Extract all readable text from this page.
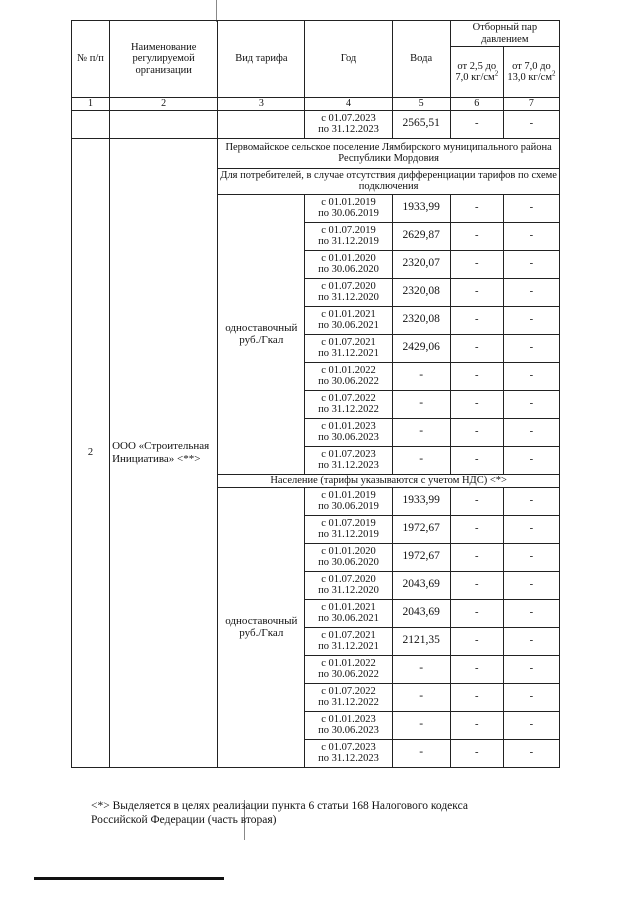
№ п/п	Наименование регулируемой организации	Вид тарифа	Год	Вода	Отборный пар давлением	
					от 2,5 до 7,0 $кг/см^2$	от 7,0 до 13,0 $кг/см^2$
1	2	3	4	5	6	7

			с 01.07.2023
по 31.12.2023	2565,51	-	-
2	ООО «Строительная Инициатива» <**>	Первомайское сельское поселение Лямбирского муниципального района Республики Мордовия				
		Для потребителей, в случае отсутствия дифференциации тарифов по схеме подключения				
		одноставочный руб./Гкал	с 01.01.2019
по 30.06.2019	1933,99	-	-

			с 01.07.2019
по 31.12.2019	2629,87	-	-

			с 01.01.2020
по 30.06.2020	2320,07	-	-

			с 01.07.2020
по 31.12.2020	2320,08	-	-

			с 01.01.2021
по 30.06.2021	2320,08	-	-

			с 01.07.2021
по 31.12.2021	2429,06	-	-

			с 01.01.2022
по 30.06.2022	-	-	-

			с 01.07.2022
по 31.12.2022	-	-	-

			с 01.01.2023
по 30.06.2023	-	-	-

			с 01.07.2023
по 31.12.2023	-	-	-
		Население (тарифы указываются с учетом НДС) <*>				
		одноставочный руб./Гкал	с 01.01.2019
по 30.06.2019	1933,99	-	-

			с 01.07.2019
по 31.12.2019	1972,67	-	-

			с 01.01.2020
по 30.06.2020	1972,67	-	-

			с 01.07.2020
по 31.12.2020	2043,69	-	-

			с 01.01.2021
по 30.06.2021	2043,69	-	-

			с 01.07.2021
по 31.12.2021	2121,35	-	-

			с 01.01.2022
по 30.06.2022	-	-	-

			с 01.07.2022
по 31.12.2022	-	-	-

			с 01.01.2023
по 30.06.2023	-	-	-

			с 01.07.2023
по 31.12.2023	-	-	-
<*> Выделяется в целях реализации пункта 6 статьи 168 Налогового кодекса
Российской Федерации (часть вторая)
